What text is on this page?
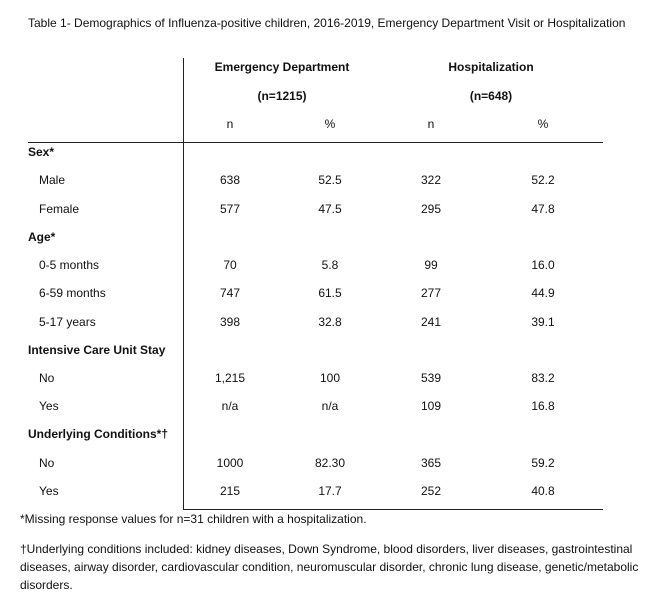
Table 1- Demographics of Influenza-positive children, 2016-2019, Emergency Department Visit or Hospitalization
Emergency Department
(n=1215)
Hospitalization
(n=648)
n	%	n	%
Sex*
Male	638	52.5	322	52.2
Female	577	47.5	295	47.8
Age*
0-5 months	70	5.8	99	16.0
6-59 months	747	61.5	277	44.9
5-17 years	398	32.8	241	39.1
Intensive Care Unit Stay
No	1,215	100	539	83.2
Yes	n/a	n/a	109	16.8
Underlying Conditions*†
No	1000	82.30	365	59.2
Yes	215	17.7	252	40.8
*Missing response values for n=31 children with a hospitalization.
†Underlying conditions included: kidney diseases, Down Syndrome, blood disorders, liver diseases, gastrointestinal diseases, airway disorder, cardiovascular condition, neuromuscular disorder, chronic lung disease, genetic/metabolic disorders.
